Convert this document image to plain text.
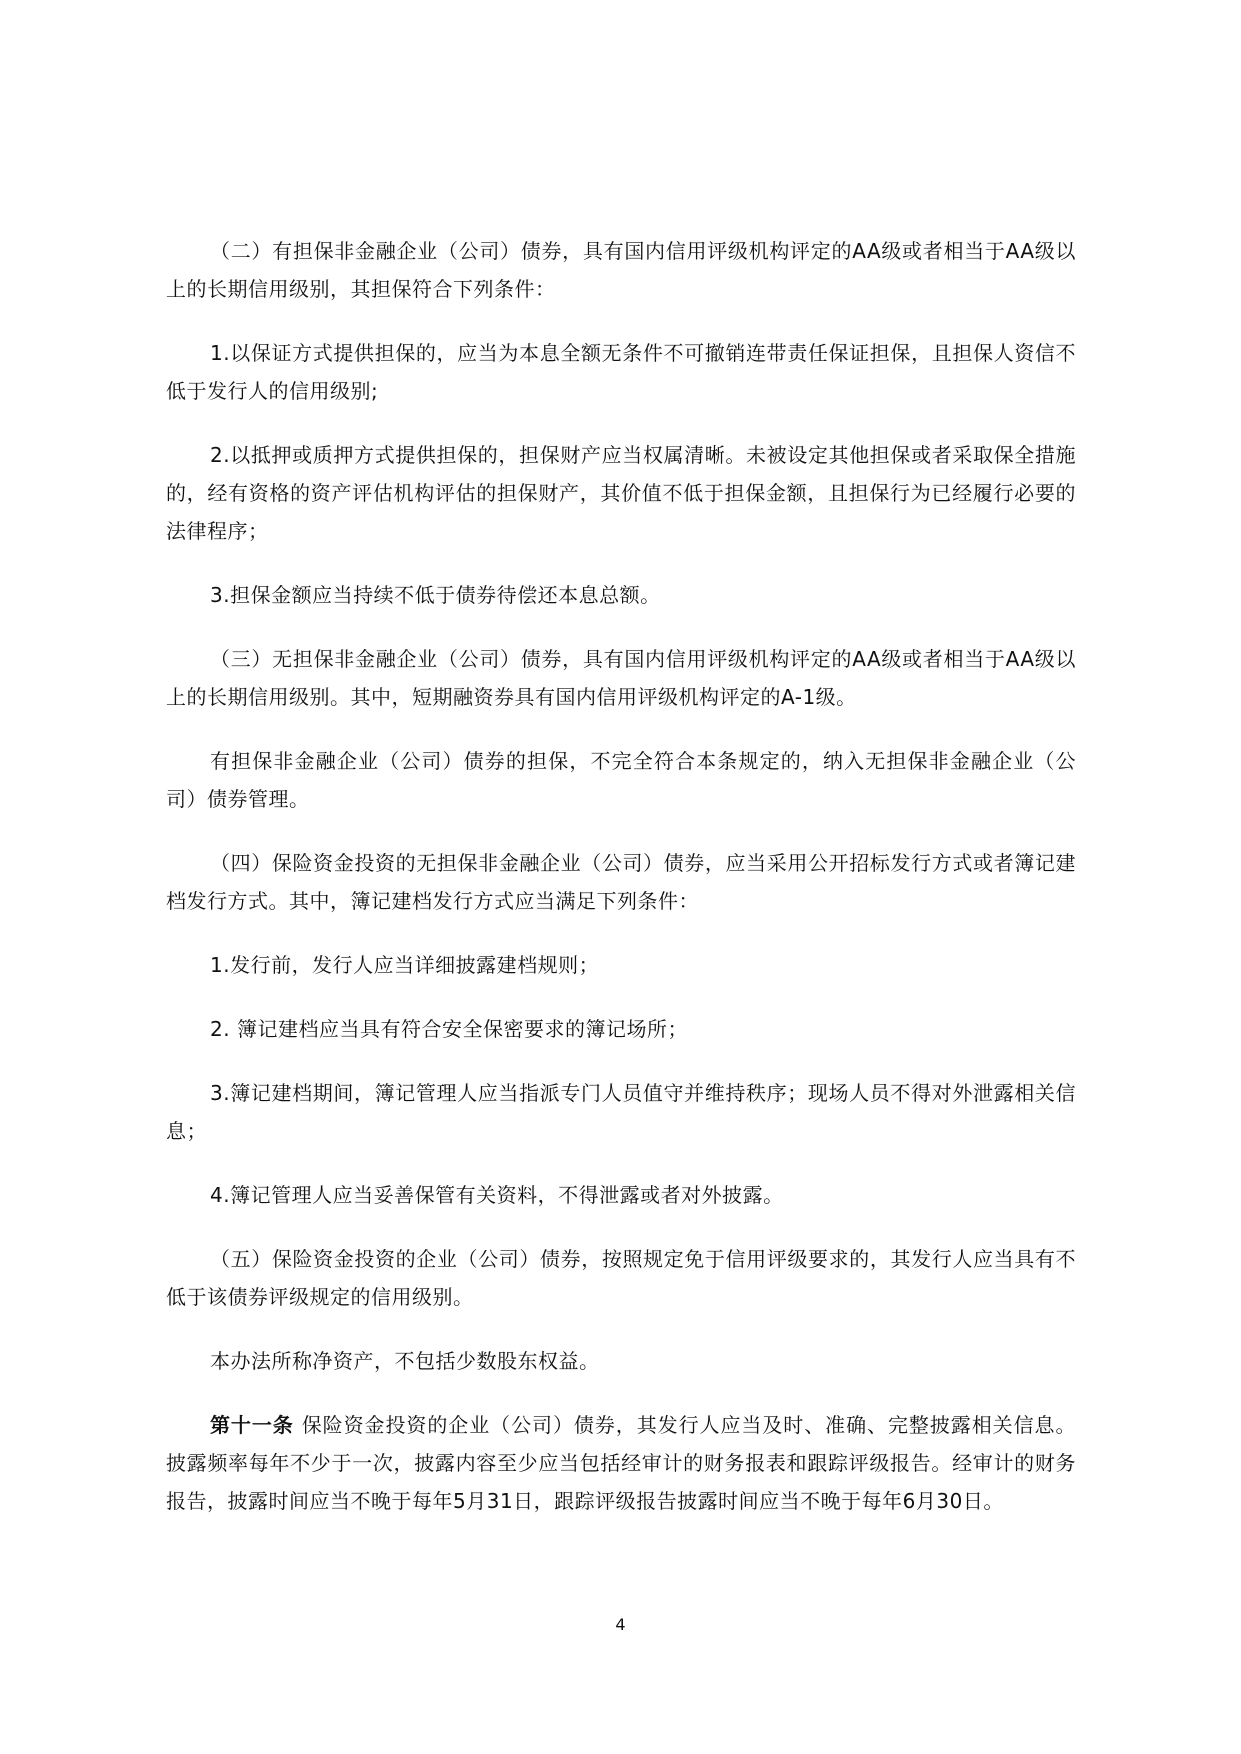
（二）有担保非金融企业（公司）债券，具有国内信用评级机构评定的AA级或者相当于AA级以上的长期信用级别，其担保符合下列条件：

1.以保证方式提供担保的，应当为本息全额无条件不可撤销连带责任保证担保，且担保人资信不低于发行人的信用级别;

2.以抵押或质押方式提供担保的，担保财产应当权属清晰。未被设定其他担保或者采取保全措施的，经有资格的资产评估机构评估的担保财产，其价值不低于担保金额，且担保行为已经履行必要的法律程序；

3.担保金额应当持续不低于债券待偿还本息总额。

（三）无担保非金融企业（公司）债券，具有国内信用评级机构评定的AA级或者相当于AA级以上的长期信用级别。其中，短期融资券具有国内信用评级机构评定的A-1级。

有担保非金融企业（公司）债券的担保，不完全符合本条规定的，纳入无担保非金融企业（公司）债券管理。

（四）保险资金投资的无担保非金融企业（公司）债券，应当采用公开招标发行方式或者簿记建档发行方式。其中，簿记建档发行方式应当满足下列条件：

1.发行前，发行人应当详细披露建档规则；

2. 簿记建档应当具有符合安全保密要求的簿记场所；

3.簿记建档期间，簿记管理人应当指派专门人员值守并维持秩序；现场人员不得对外泄露相关信息；

4.簿记管理人应当妥善保管有关资料，不得泄露或者对外披露。

（五）保险资金投资的企业（公司）债券，按照规定免于信用评级要求的，其发行人应当具有不低于该债券评级规定的信用级别。

本办法所称净资产，不包括少数股东权益。

第十一条 保险资金投资的企业（公司）债券，其发行人应当及时、准确、完整披露相关信息。披露频率每年不少于一次，披露内容至少应当包括经审计的财务报表和跟踪评级报告。经审计的财务报告，披露时间应当不晚于每年5月31日，跟踪评级报告披露时间应当不晚于每年6月30日。

4
